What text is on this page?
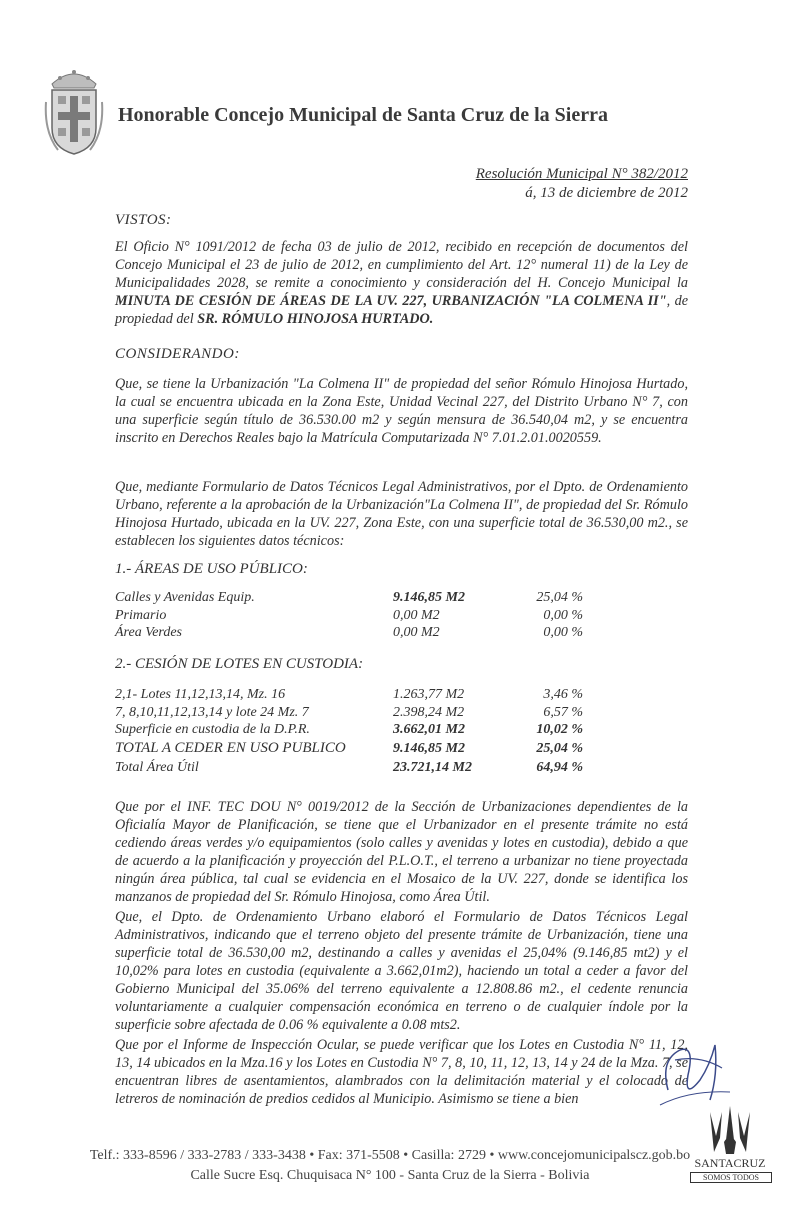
Honorable Concejo Municipal de Santa Cruz de la Sierra
Resolución Municipal N° 382/2012
á, 13 de diciembre de 2012
VISTOS:
El Oficio N° 1091/2012 de fecha 03 de julio de 2012, recibido en recepción de documentos del Concejo Municipal el 23 de julio de 2012, en cumplimiento del Art. 12° numeral 11) de la Ley de Municipalidades 2028, se remite a conocimiento y consideración del H. Concejo Municipal la MINUTA DE CESIÓN DE ÁREAS DE LA UV. 227, URBANIZACIÓN "LA COLMENA II", de propiedad del SR. RÓMULO HINOJOSA HURTADO.
CONSIDERANDO:
Que, se tiene la Urbanización "La Colmena II" de propiedad del señor Rómulo Hinojosa Hurtado, la cual se encuentra ubicada en la Zona Este, Unidad Vecinal 227, del Distrito Urbano N° 7, con una superficie según título de 36.530.00 m2 y según mensura de 36.540,04 m2, y se encuentra inscrito en Derechos Reales bajo la Matrícula Computarizada N° 7.01.2.01.0020559.
Que, mediante Formulario de Datos Técnicos Legal Administrativos, por el Dpto. de Ordenamiento Urbano, referente a la aprobación de la Urbanización"La Colmena II", de propiedad del Sr. Rómulo Hinojosa Hurtado, ubicada en la UV. 227, Zona Este, con una superficie total de 36.530,00 m2., se establecen los siguientes datos técnicos:
1.- ÁREAS DE USO PÚBLICO:
Calles y Avenidas Equip.	9.146,85 M2	25,04 %
Primario	0,00 M2	0,00 %
Área Verdes	0,00 M2	0,00 %
2.- CESIÓN DE LOTES EN CUSTODIA:
2,1- Lotes 11,12,13,14, Mz. 16	1.263,77 M2	3,46 %
7, 8,10,11,12,13,14 y lote 24 Mz. 7	2.398,24 M2	6,57 %
Superficie en custodia de la D.P.R.	3.662,01 M2	10,02 %
TOTAL A CEDER EN USO PUBLICO	9.146,85 M2	25,04 %
Total Área Útil	23.721,14 M2	64,94 %
Que por el INF. TEC DOU N° 0019/2012 de la Sección de Urbanizaciones dependientes de la Oficialía Mayor de Planificación, se tiene que el Urbanizador en el presente trámite no está cediendo áreas verdes y/o equipamientos (solo calles y avenidas y lotes en custodia), debido a que de acuerdo a la planificación y proyección del P.L.O.T., el terreno a urbanizar no tiene proyectada ningún área pública, tal cual se evidencia en el Mosaico de la UV. 227, donde se identifica los manzanos de propiedad del Sr. Rómulo Hinojosa, como Área Útil.
Que, el Dpto. de Ordenamiento Urbano elaboró el Formulario de Datos Técnicos Legal Administrativos, indicando que el terreno objeto del presente trámite de Urbanización, tiene una superficie total de 36.530,00 m2, destinando a calles y avenidas el 25,04% (9.146,85 mt2) y el 10,02% para lotes en custodia (equivalente a 3.662,01m2), haciendo un total a ceder a favor del Gobierno Municipal del 35.06% del terreno equivalente a 12.808.86 m2., el cedente renuncia voluntariamente a cualquier compensación económica en terreno o de cualquier índole por la superficie sobre afectada de 0.06 % equivalente a 0.08 mts2.
Que por el Informe de Inspección Ocular, se puede verificar que los Lotes en Custodia N° 11, 12, 13, 14 ubicados en la Mza.16 y los Lotes en Custodia N° 7, 8, 10, 11, 12, 13, 14 y 24 de la Mza. 7, se encuentran libres de asentamientos, alambrados con la delimitación material y el colocado de letreros de nominación de predios cedidos al Municipio. Asimismo se tiene a bien
Telf.: 333-8596 / 333-2783 / 333-3438 • Fax: 371-5508 • Casilla: 2729 • www.concejomunicipalscz.gob.bo
Calle Sucre Esq. Chuquisaca N° 100 - Santa Cruz de la Sierra - Bolivia
SANTACRUZ
SOMOS TODOS
